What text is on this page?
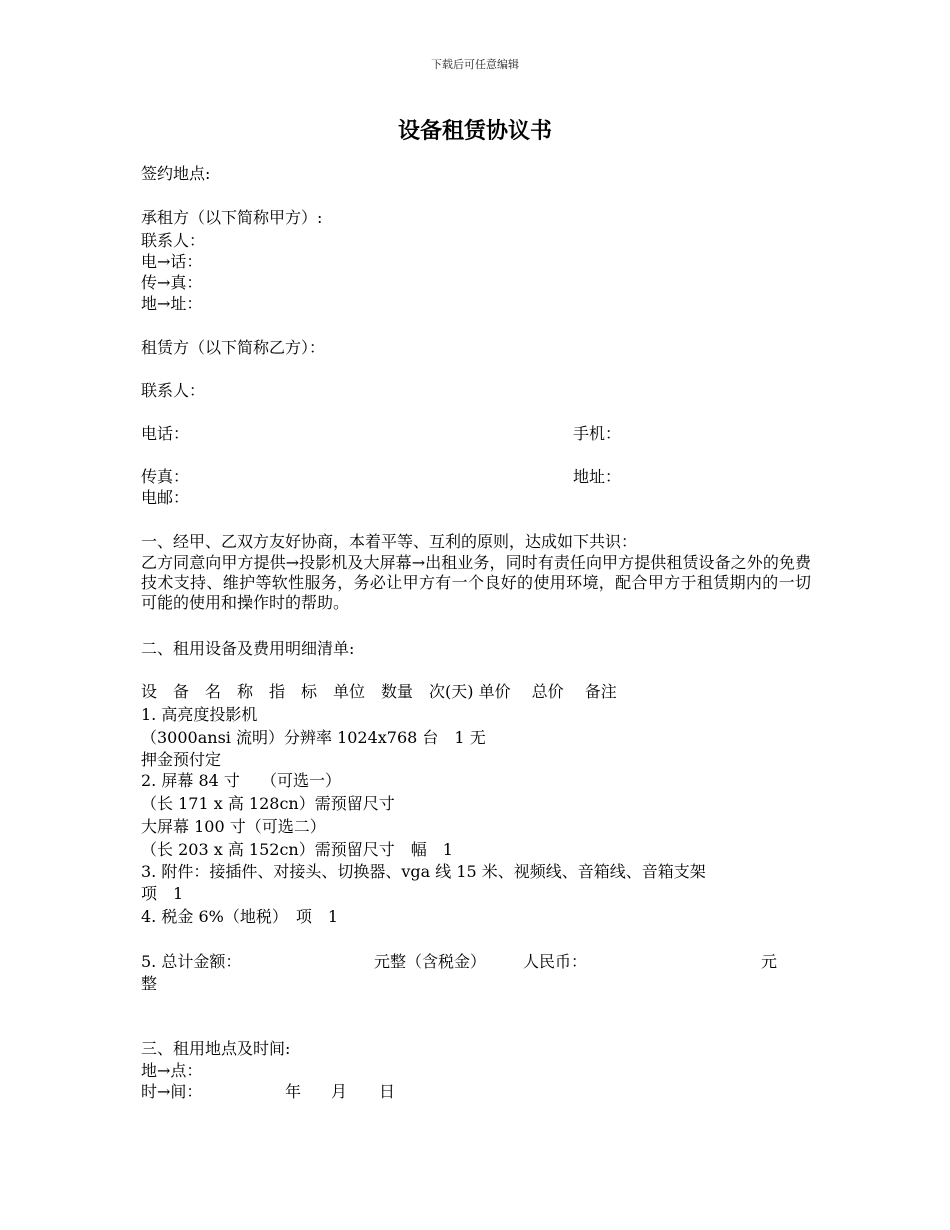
下载后可任意编辑
设备租赁协议书
签约地点:
承租方（以下简称甲方）:
联系人：
电→话：
传→真：
地→址：
租赁方（以下简称乙方）：
联系人：
电话：	手机：
传真：	地址：
电邮：
一、经甲、乙双方友好协商，本着平等、互利的原则，达成如下共识：
乙方同意向甲方提供→投影机及大屏幕→出租业务，同时有责任向甲方提供租赁设备之外的免费技术支持、维护等软性服务，务必让甲方有一个良好的使用环境，配合甲方于租赁期内的一切可能的使用和操作时的帮助。
二、租用设备及费用明细清单:
设　备　名　称　指　标　单位　数量　次(天) 单价　 总价　 备注
1. 高亮度投影机
（3000ansi 流明）分辨率 1024x768 台　1 无
押金预付定
2. 屏幕 84 寸　 （可选一）
（长 171 x 高 128cn）需预留尺寸
大屏幕 100 寸（可选二）
（长 203 x 高 152cn）需预留尺寸　幅　1
3. 附件：接插件、对接头、切换器、vga 线 15 米、视频线、音箱线、音箱支架
项　1
4. 税金 6%（地税）　项　1
5. 总计金额：	元整（含税金） 人民币：	元
整
三、租用地点及时间:
地→点：
时→间：	年 月 日
